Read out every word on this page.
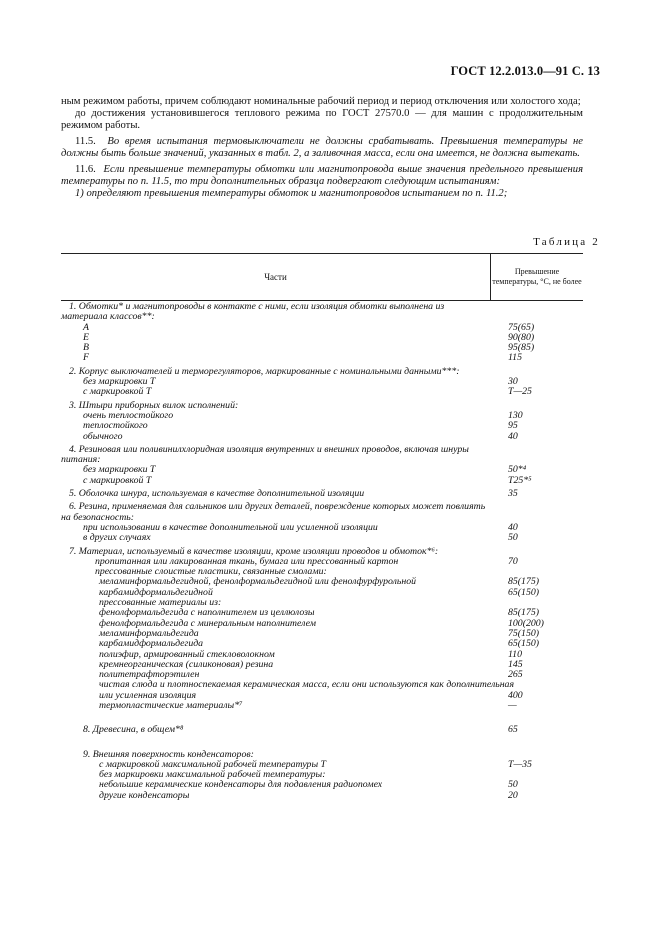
ГОСТ 12.2.013.0—91 С. 13

ным режимом работы, причем соблюдают номинальные рабочий период и период отключения или холостого хода;

до достижения установившегося теплового режима по ГОСТ 27570.0 — для машин с продолжительным режимом работы.

11.5. Во время испытания термовыключатели не должны срабатывать. Превышения температуры не должны быть больше значений, указанных в табл. 2, а заливочная масса, если она имеется, не должна вытекать.

11.6. Если превышение температуры обмотки или магнитопровода выше значения предельного превышения температуры по п. 11.5, то три дополнительных образца подвергают следующим испытаниям:

1) определяют превышения температуры обмоток и магнитопроводов испытанием по п. 11.2;

Таблица 2
Части
Превышение температуры, °С, не более
1. Обмотки* и магнитопроводы в контакте с ними, если изоляция обмотки выполнена из материала классов**:
A	75(65)
E	90(80)
B	95(85)
F	115
2. Корпус выключателей и терморегуляторов, маркированные с номинальными данными***:
без маркировки Т	30
с маркировкой Т	Т—25
3. Штыри приборных вилок исполнений:
очень теплостойкого	130
теплостойкого	95
обычного	40
4. Резиновая или поливинилхлоридная изоляция внутренних и внешних проводов, включая шнуры питания:
без маркировки Т	50*⁴
с маркировкой Т	Т25*⁵
5. Оболочка шнура, используемая в качестве дополнительной изоляции	35
6. Резина, применяемая для сальников или других деталей, повреждение которых может повлиять на безопасность:
при использовании в качестве дополнительной или усиленной изоляции	40
в других случаях	50
7. Материал, используемый в качестве изоляции, кроме изоляции проводов и обмоток*⁶:
пропитанная или лакированная ткань, бумага или прессованный картон	70
прессованные слоистые пластики, связанные смолами:
меламинформальдегидной, фенолформальдегидной или фенолфурфурольной	85(175)
карбамидформальдегидной	65(150)
прессованные материалы из:
фенолформальдегида с наполнителем из целлюлозы	85(175)
фенолформальдегида с минеральным наполнителем	100(200)
меламинформальдегида	75(150)
карбамидформальдегида	65(150)
полиэфир, армированный стекловолокном	110
кремнеорганическая (силиконовая) резина	145
политетрафторэтилен	265
чистая слюда и плотноспекаемая керамическая масса, если они используются как дополнительная или усиленная изоляция	400
термопластические материалы*⁷	—
8. Древесина, в общем*⁸	65
9. Внешняя поверхность конденсаторов:
с маркировкой максимальной рабочей температуры Т	Т—35
без маркировки максимальной рабочей температуры:
небольшие керамические конденсаторы для подавления радиопомех	50
другие конденсаторы	20
